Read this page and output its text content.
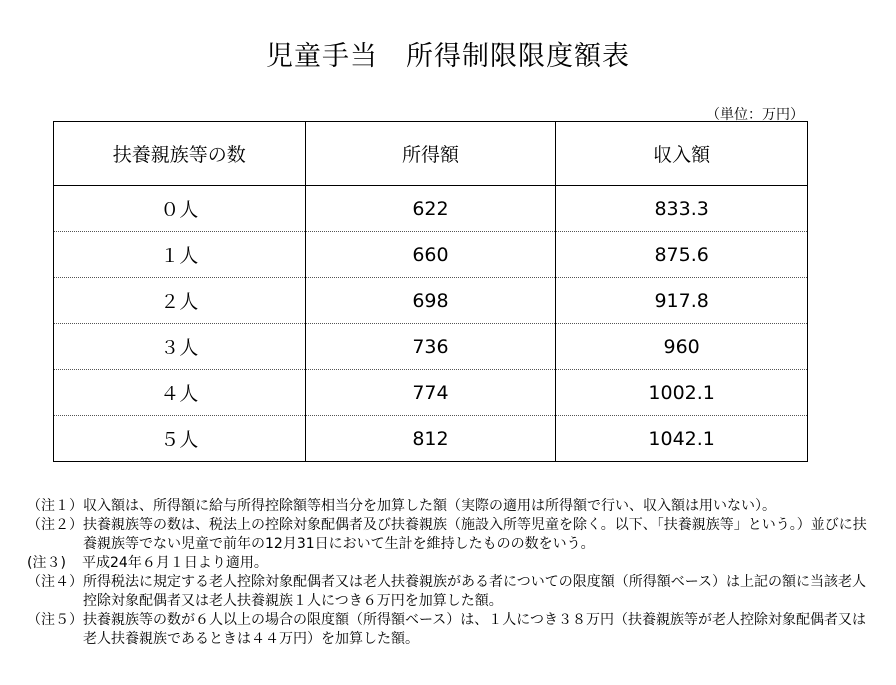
児童手当　所得制限限度額表
（単位：万円）
扶養親族等の数	所得額	収入額
０人	622	833.3
１人	660	875.6
２人	698	917.8
３人	736	960
４人	774	1002.1
５人	812	1042.1
（注１） 収入額は、所得額に給与所得控除額等相当分を加算した額（実際の適用は所得額で行い、収入額は用いない）。
（注２） 扶養親族等の数は、税法上の控除対象配偶者及び扶養親族（施設入所等児童を除く。以下、「扶養親族等」という。）並びに扶養親族等でない児童で前年の12月31日において生計を維持したものの数をいう。
(注３)	平成24年６月１日より適用。
（注４） 所得税法に規定する老人控除対象配偶者又は老人扶養親族がある者についての限度額（所得額ベース）は上記の額に当該老人控除対象配偶者又は老人扶養親族１人につき６万円を加算した額。
（注５） 扶養親族等の数が６人以上の場合の限度額（所得額ベース）は、１人につき３８万円（扶養親族等が老人控除対象配偶者又は老人扶養親族であるときは４４万円）を加算した額。
